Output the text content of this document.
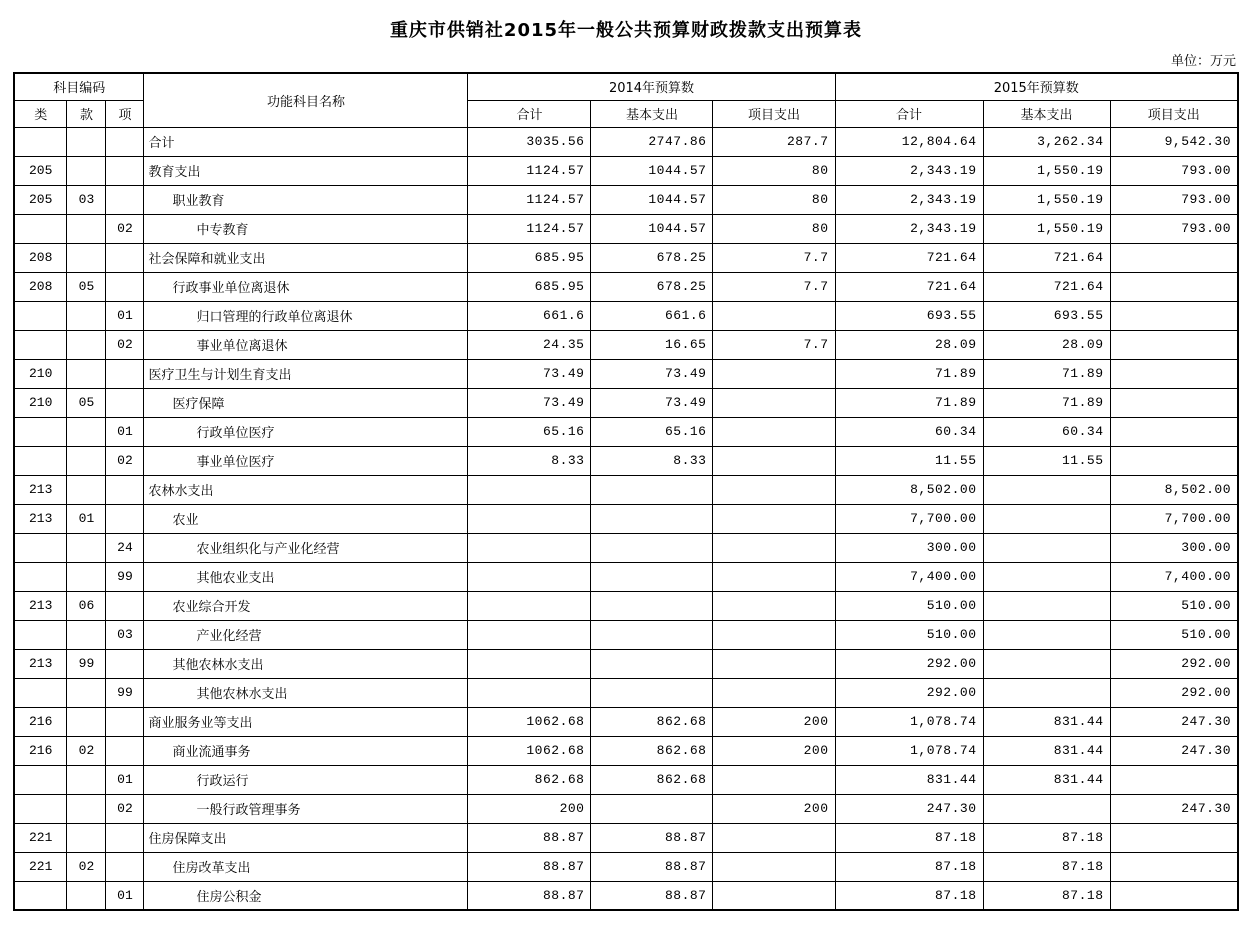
重庆市供销社2015年一般公共预算财政拨款支出预算表
单位：万元
科目编码			功能科目名称	2014年预算数			2015年预算数		
类	款	项		合计	基本支出	项目支出	合计	基本支出	项目支出
			合计	3035.56	2747.86	287.7	12,804.64	3,262.34	9,542.30
205			教育支出	1124.57	1044.57	80	2,343.19	1,550.19	793.00
205	03		职业教育	1124.57	1044.57	80	2,343.19	1,550.19	793.00
		02	中专教育	1124.57	1044.57	80	2,343.19	1,550.19	793.00
208			社会保障和就业支出	685.95	678.25	7.7	721.64	721.64	
208	05		行政事业单位离退休	685.95	678.25	7.7	721.64	721.64	
		01	归口管理的行政单位离退休	661.6	661.6		693.55	693.55	
		02	事业单位离退休	24.35	16.65	7.7	28.09	28.09	
210			医疗卫生与计划生育支出	73.49	73.49		71.89	71.89	
210	05		医疗保障	73.49	73.49		71.89	71.89	
		01	行政单位医疗	65.16	65.16		60.34	60.34	
		02	事业单位医疗	8.33	8.33		11.55	11.55	
213			农林水支出				8,502.00		8,502.00
213	01		农业				7,700.00		7,700.00
		24	农业组织化与产业化经营				300.00		300.00
		99	其他农业支出				7,400.00		7,400.00
213	06		农业综合开发				510.00		510.00
		03	产业化经营				510.00		510.00
213	99		其他农林水支出				292.00		292.00
		99	其他农林水支出				292.00		292.00
216			商业服务业等支出	1062.68	862.68	200	1,078.74	831.44	247.30
216	02		商业流通事务	1062.68	862.68	200	1,078.74	831.44	247.30
		01	行政运行	862.68	862.68		831.44	831.44	
		02	一般行政管理事务	200		200	247.30		247.30
221			住房保障支出	88.87	88.87		87.18	87.18	
221	02		住房改革支出	88.87	88.87		87.18	87.18	
		01	住房公积金	88.87	88.87		87.18	87.18	
